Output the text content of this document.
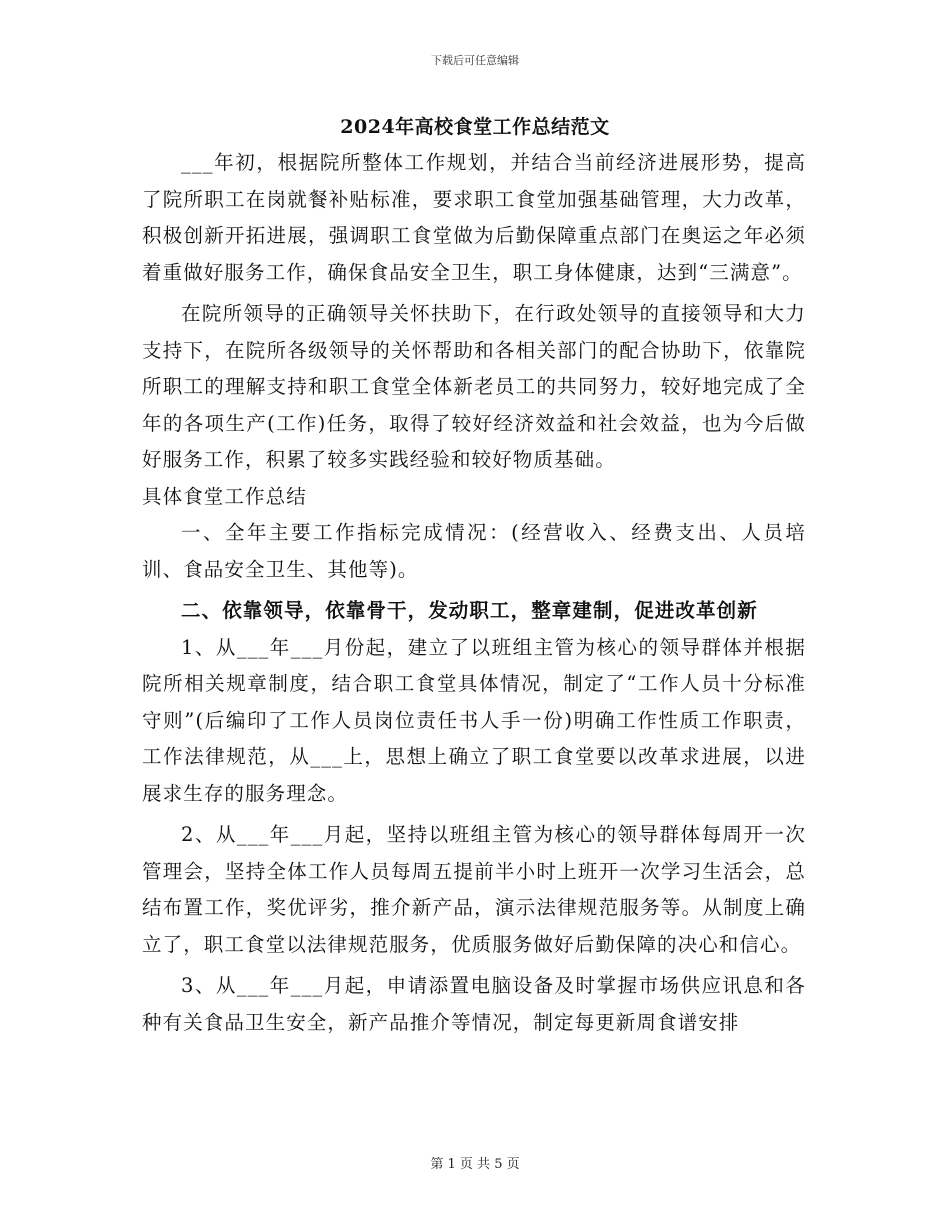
下载后可任意编辑
2024年高校食堂工作总结范文

___年初，根据院所整体工作规划，并结合当前经济进展形势，提高了院所职工在岗就餐补贴标准，要求职工食堂加强基础管理，大力改革，积极创新开拓进展，强调职工食堂做为后勤保障重点部门在奥运之年必须着重做好服务工作，确保食品安全卫生，职工身体健康，达到“三满意”。

在院所领导的正确领导关怀扶助下，在行政处领导的直接领导和大力支持下，在院所各级领导的关怀帮助和各相关部门的配合协助下，依靠院所职工的理解支持和职工食堂全体新老员工的共同努力，较好地完成了全年的各项生产(工作)任务，取得了较好经济效益和社会效益，也为今后做好服务工作，积累了较多实践经验和较好物质基础。

具体食堂工作总结

一、全年主要工作指标完成情况：(经营收入、经费支出、人员培训、食品安全卫生、其他等)。

二、依靠领导，依靠骨干，发动职工，整章建制，促进改革创新

1、从___年___月份起，建立了以班组主管为核心的领导群体并根据院所相关规章制度，结合职工食堂具体情况，制定了“工作人员十分标准守则”(后编印了工作人员岗位责任书人手一份)明确工作性质工作职责，工作法律规范，从___上，思想上确立了职工食堂要以改革求进展，以进展求生存的服务理念。

2、从___年___月起，坚持以班组主管为核心的领导群体每周开一次管理会，坚持全体工作人员每周五提前半小时上班开一次学习生活会，总结布置工作，奖优评劣，推介新产品，演示法律规范服务等。从制度上确立了，职工食堂以法律规范服务，优质服务做好后勤保障的决心和信心。

3、从___年___月起，申请添置电脑设备及时掌握市场供应讯息和各种有关食品卫生安全，新产品推介等情况，制定每更新周食谱安排

第 1 页 共 5 页
